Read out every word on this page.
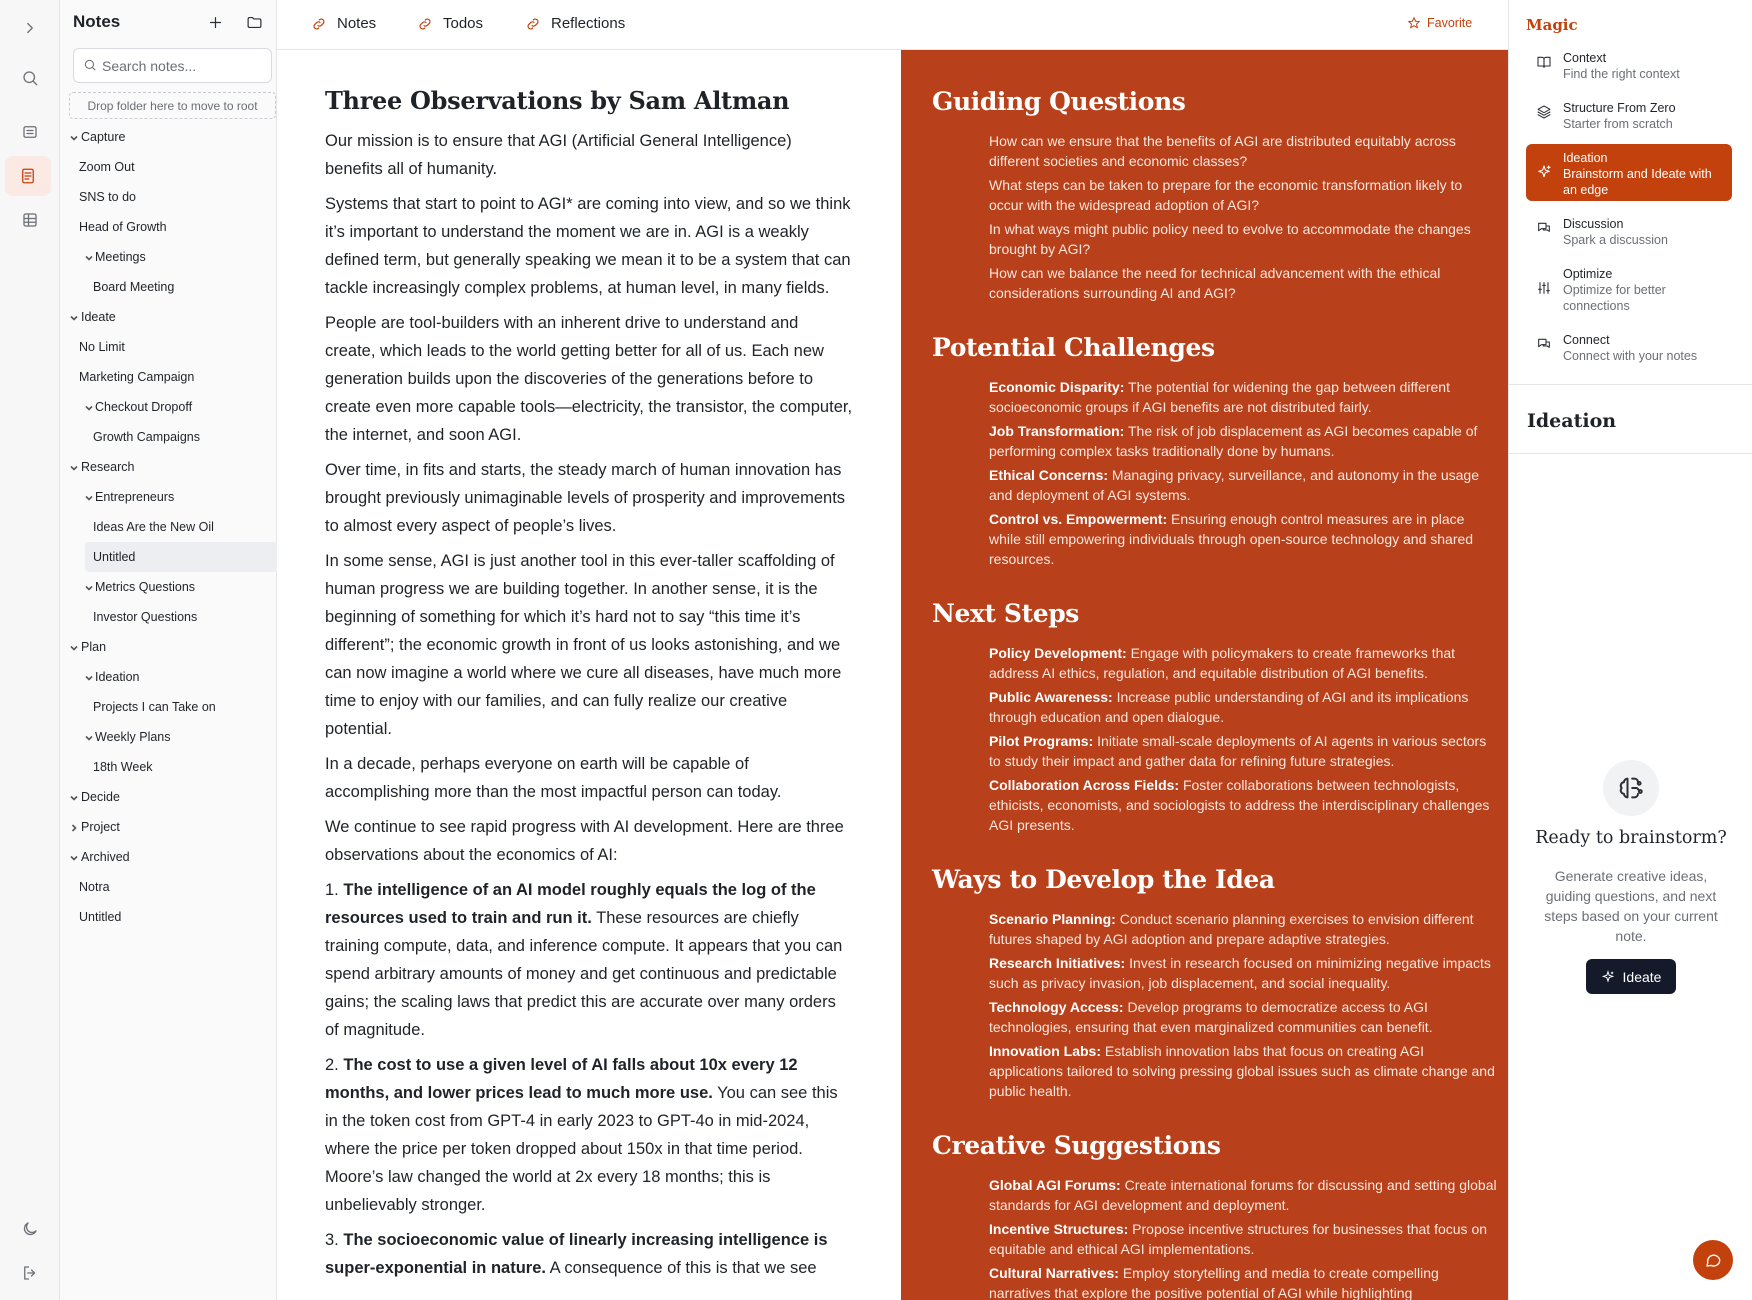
Notes
Search notes...
Drop folder here to move to root
Capture
Zoom Out
SNS to do
Head of Growth
Meetings
Board Meeting
Ideate
No Limit
Marketing Campaign
Checkout Dropoff
Growth Campaigns
Research
Entrepreneurs
Ideas Are the New Oil
Untitled
Metrics Questions
Investor Questions
Plan
Ideation
Projects I can Take on
Weekly Plans
18th Week
Decide
Project
Archived
Notra
Untitled
Notes	Todos	Reflections	Favorite
Three Observations by Sam Altman

Our mission is to ensure that AGI (Artificial General Intelligence) benefits all of humanity.

Systems that start to point to AGI* are coming into view, and so we think it’s important to understand the moment we are in. AGI is a weakly defined term, but generally speaking we mean it to be a system that can tackle increasingly complex problems, at human level, in many fields.

People are tool-builders with an inherent drive to understand and create, which leads to the world getting better for all of us. Each new generation builds upon the discoveries of the generations before to create even more capable tools—electricity, the transistor, the computer, the internet, and soon AGI.

Over time, in fits and starts, the steady march of human innovation has brought previously unimaginable levels of prosperity and improvements to almost every aspect of people’s lives.

In some sense, AGI is just another tool in this ever-taller scaffolding of human progress we are building together. In another sense, it is the beginning of something for which it’s hard not to say “this time it’s different”; the economic growth in front of us looks astonishing, and we can now imagine a world where we cure all diseases, have much more time to enjoy with our families, and can fully realize our creative potential.

In a decade, perhaps everyone on earth will be capable of accomplishing more than the most impactful person can today.

We continue to see rapid progress with AI development. Here are three observations about the economics of AI:

1. The intelligence of an AI model roughly equals the log of the resources used to train and run it. These resources are chiefly training compute, data, and inference compute. It appears that you can spend arbitrary amounts of money and get continuous and predictable gains; the scaling laws that predict this are accurate over many orders of magnitude.

2. The cost to use a given level of AI falls about 10x every 12 months, and lower prices lead to much more use. You can see this in the token cost from GPT-4 in early 2023 to GPT-4o in mid-2024, where the price per token dropped about 150x in that time period. Moore’s law changed the world at 2x every 18 months; this is unbelievably stronger.

3. The socioeconomic value of linearly increasing intelligence is super-exponential in nature. A consequence of this is that we see

Guiding Questions
How can we ensure that the benefits of AGI are distributed equitably across different societies and economic classes?
What steps can be taken to prepare for the economic transformation likely to occur with the widespread adoption of AGI?
In what ways might public policy need to evolve to accommodate the changes brought by AGI?
How can we balance the need for technical advancement with the ethical considerations surrounding AI and AGI?
Potential Challenges
Economic Disparity: The potential for widening the gap between different socioeconomic groups if AGI benefits are not distributed fairly.
Job Transformation: The risk of job displacement as AGI becomes capable of performing complex tasks traditionally done by humans.
Ethical Concerns: Managing privacy, surveillance, and autonomy in the usage and deployment of AGI systems.
Control vs. Empowerment: Ensuring enough control measures are in place while still empowering individuals through open-source technology and shared resources.
Next Steps
Policy Development: Engage with policymakers to create frameworks that address AI ethics, regulation, and equitable distribution of AGI benefits.
Public Awareness: Increase public understanding of AGI and its implications through education and open dialogue.
Pilot Programs: Initiate small-scale deployments of AI agents in various sectors to study their impact and gather data for refining future strategies.
Collaboration Across Fields: Foster collaborations between technologists, ethicists, economists, and sociologists to address the interdisciplinary challenges AGI presents.
Ways to Develop the Idea
Scenario Planning: Conduct scenario planning exercises to envision different futures shaped by AGI adoption and prepare adaptive strategies.
Research Initiatives: Invest in research focused on minimizing negative impacts such as privacy invasion, job displacement, and social inequality.
Technology Access: Develop programs to democratize access to AGI technologies, ensuring that even marginalized communities can benefit.
Innovation Labs: Establish innovation labs that focus on creating AGI applications tailored to solving pressing global issues such as climate change and public health.
Creative Suggestions
Global AGI Forums: Create international forums for discussing and setting global standards for AGI development and deployment.
Incentive Structures: Propose incentive structures for businesses that focus on equitable and ethical AGI implementations.
Cultural Narratives: Employ storytelling and media to create compelling narratives that explore the positive potential of AGI while highlighting
Magic
Context
Find the right context
Structure From Zero
Starter from scratch
Ideation
Brainstorm and Ideate with an edge
Discussion
Spark a discussion
Optimize
Optimize for better connections
Connect
Connect with your notes
Ideation
Ready to brainstorm?
Generate creative ideas, guiding questions, and next steps based on your current note.
Ideate
